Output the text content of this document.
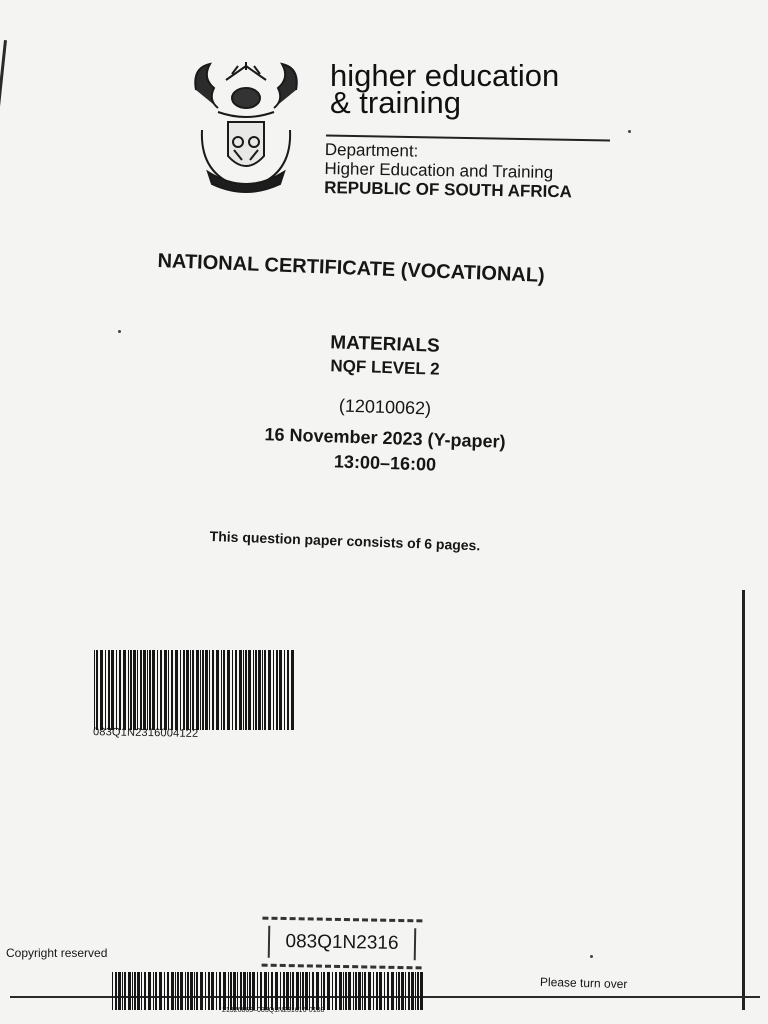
higher education
& training
Department:
Higher Education and Training
REPUBLIC OF SOUTH AFRICA
NATIONAL CERTIFICATE (VOCATIONAL)
MATERIALS
NQF LEVEL 2
(12010062)
16 November 2023 (Y-paper)
13:00–16:00
This question paper consists of 6 pages.
083Q1N2316004122
083Q1N2316
Copyright reserved
Please turn over
21326863–083Q1N231616-0108
